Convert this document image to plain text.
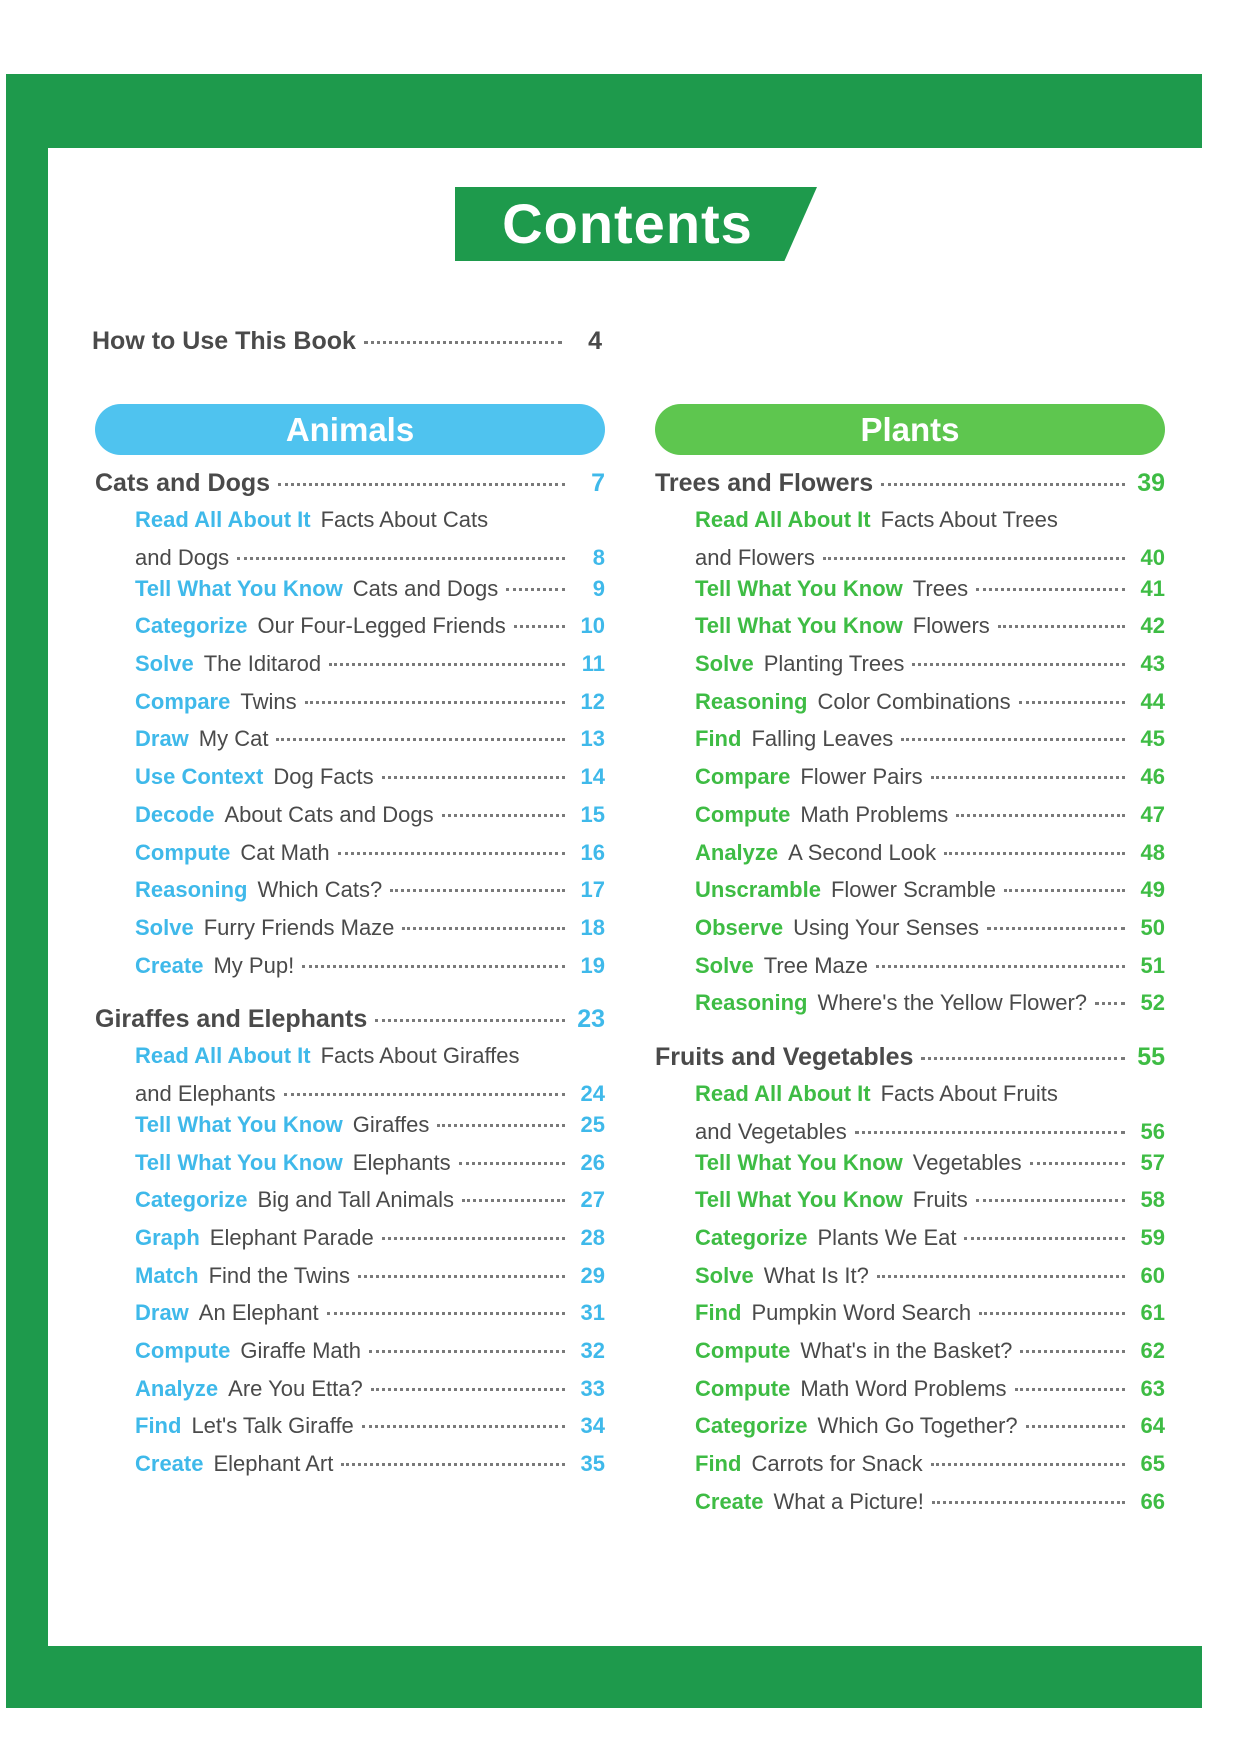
Contents
How to Use This Book	4
Animals
Cats and Dogs	7
Read All About It Facts About Cats
and Dogs	8
Tell What You Know Cats and Dogs	9
Categorize Our Four-Legged Friends	10
Solve The Iditarod	11
Compare Twins	12
Draw My Cat	13
Use Context Dog Facts	14
Decode About Cats and Dogs	15
Compute Cat Math	16
Reasoning Which Cats?	17
Solve Furry Friends Maze	18
Create My Pup!	19
Giraffes and Elephants	23
Read All About It Facts About Giraffes
and Elephants	24
Tell What You Know Giraffes	25
Tell What You Know Elephants	26
Categorize Big and Tall Animals	27
Graph Elephant Parade	28
Match Find the Twins	29
Draw An Elephant	31
Compute Giraffe Math	32
Analyze Are You Etta?	33
Find Let's Talk Giraffe	34
Create Elephant Art	35
Plants
Trees and Flowers	39
Read All About It Facts About Trees
and Flowers	40
Tell What You Know Trees	41
Tell What You Know Flowers	42
Solve Planting Trees	43
Reasoning Color Combinations	44
Find Falling Leaves	45
Compare Flower Pairs	46
Compute Math Problems	47
Analyze A Second Look	48
Unscramble Flower Scramble	49
Observe Using Your Senses	50
Solve Tree Maze	51
Reasoning Where's the Yellow Flower?	52
Fruits and Vegetables	55
Read All About It Facts About Fruits
and Vegetables	56
Tell What You Know Vegetables	57
Tell What You Know Fruits	58
Categorize Plants We Eat	59
Solve What Is It?	60
Find Pumpkin Word Search	61
Compute What's in the Basket?	62
Compute Math Word Problems	63
Categorize Which Go Together?	64
Find Carrots for Snack	65
Create What a Picture!	66
